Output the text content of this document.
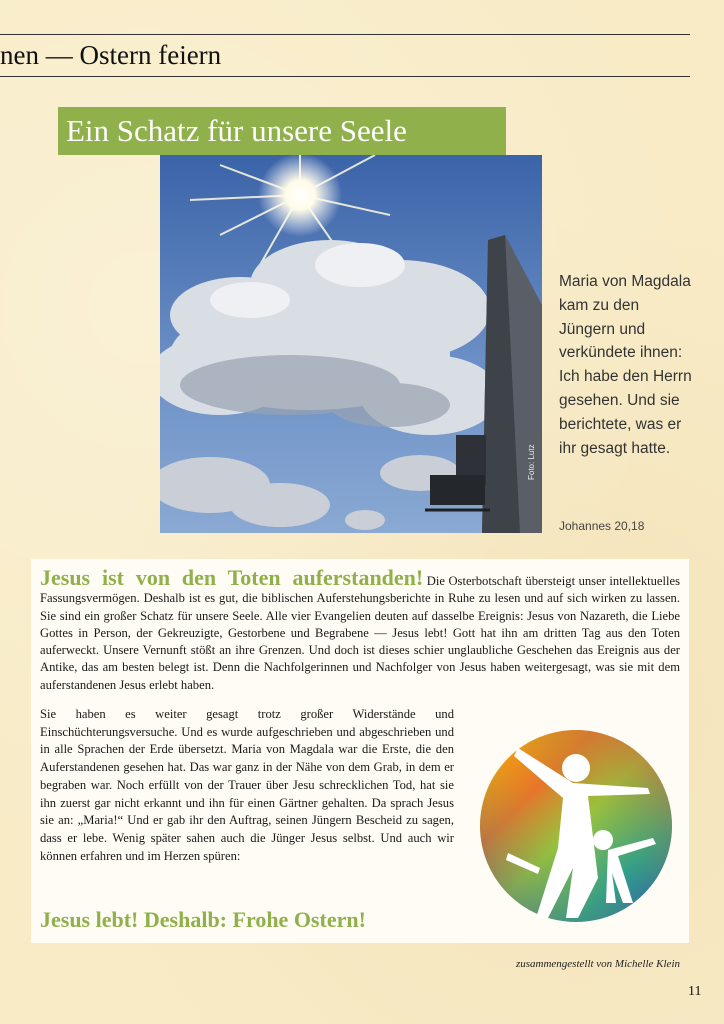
nen — Ostern feiern
Ein Schatz für unsere Seele
Foto: Lutz
Maria von Magdala kam zu den Jüngern und verkündete ihnen: Ich habe den Herrn gesehen. Und sie berichtete, was er ihr gesagt hatte.
Johannes 20,18
Jesus ist von den Toten auferstanden! Die Osterbotschaft übersteigt unser intellektuelles Fassungsvermögen. Deshalb ist es gut, die biblischen Auferstehungsberichte in Ruhe zu lesen und auf sich wirken zu lassen. Sie sind ein großer Schatz für unsere Seele. Alle vier Evangelien deuten auf dasselbe Ereignis: Jesus von Nazareth, die Liebe Gottes in Person, der Gekreuzigte, Gestorbene und Begrabene — Jesus lebt! Gott hat ihn am dritten Tag aus den Toten auferweckt. Unsere Vernunft stößt an ihre Grenzen. Und doch ist dieses schier unglaubliche Geschehen das Ereignis aus der Antike, das am besten belegt ist. Denn die Nachfolgerinnen und Nachfolger von Jesus haben weitergesagt, was sie mit dem auferstandenen Jesus erlebt haben.
Sie haben es weiter gesagt trotz großer Widerstände und Einschüchterungsversuche. Und es wurde aufgeschrieben und abgeschrieben und in alle Sprachen der Erde übersetzt. Maria von Magdala war die Erste, die den Auferstandenen gesehen hat. Das war ganz in der Nähe von dem Grab, in dem er begraben war. Noch erfüllt von der Trauer über Jesu schrecklichen Tod, hat sie ihn zuerst gar nicht erkannt und ihn für einen Gärtner gehalten. Da sprach Jesus sie an: „Maria!“ Und er gab ihr den Auftrag, seinen Jüngern Bescheid zu sagen, dass er lebe. Wenig später sahen auch die Jünger Jesus selbst. Und auch wir können erfahren und im Herzen spüren:
Jesus lebt! Deshalb: Frohe Ostern!
zusammengestellt von Michelle Klein
11
